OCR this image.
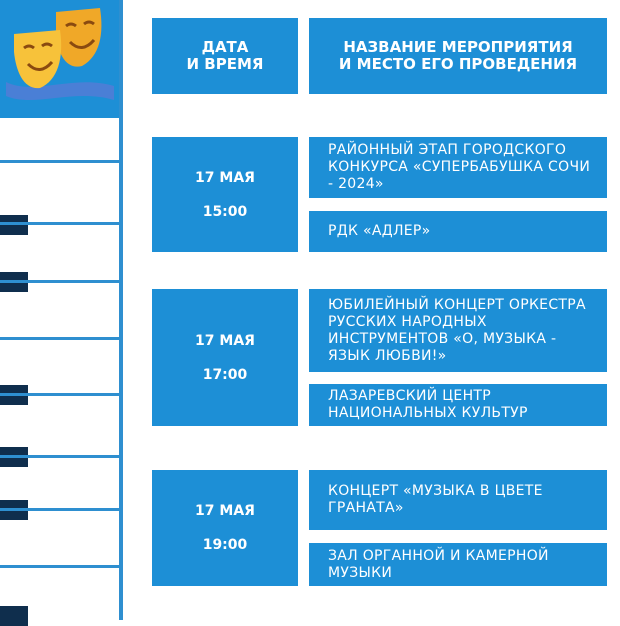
ДАТА
И ВРЕМЯ
НАЗВАНИЕ МЕРОПРИЯТИЯ
И МЕСТО ЕГО ПРОВЕДЕНИЯ
17 МАЯ
15:00
РАЙОННЫЙ ЭТАП ГОРОДСКОГО КОНКУРСА «СУПЕРБАБУШКА СОЧИ - 2024»
РДК «АДЛЕР»
17 МАЯ
17:00
ЮБИЛЕЙНЫЙ КОНЦЕРТ ОРКЕСТРА РУССКИХ НАРОДНЫХ ИНСТРУМЕНТОВ «О, МУЗЫКА - ЯЗЫК ЛЮБВИ!»
ЛАЗАРЕВСКИЙ ЦЕНТР НАЦИОНАЛЬНЫХ КУЛЬТУР
17 МАЯ
19:00
КОНЦЕРТ «МУЗЫКА В ЦВЕТЕ ГРАНАТА»
ЗАЛ ОРГАННОЙ И КАМЕРНОЙ МУЗЫКИ
